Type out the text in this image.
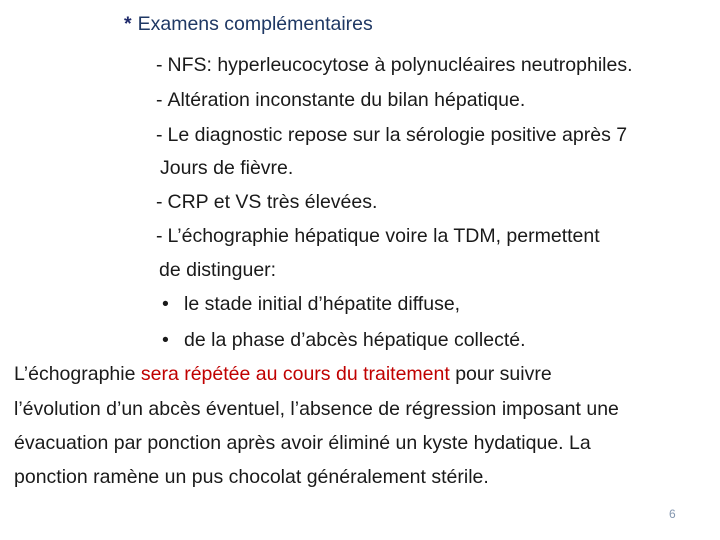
* Examens complémentaires
- NFS: hyperleucocytose à polynucléaires neutrophiles.
- Altération inconstante du bilan hépatique.
- Le diagnostic repose sur la sérologie positive après 7
Jours de fièvre.
- CRP et VS très élevées.
- L’échographie hépatique voire la TDM, permettent
de distinguer:
• le stade initial d’hépatite diffuse,
• de la phase d’abcès hépatique collecté.
L’échographie sera répétée au cours du traitement pour suivre
l’évolution d’un abcès éventuel, l’absence de régression imposant une
évacuation par ponction après avoir éliminé un kyste hydatique. La
ponction ramène un pus chocolat généralement stérile.
6
